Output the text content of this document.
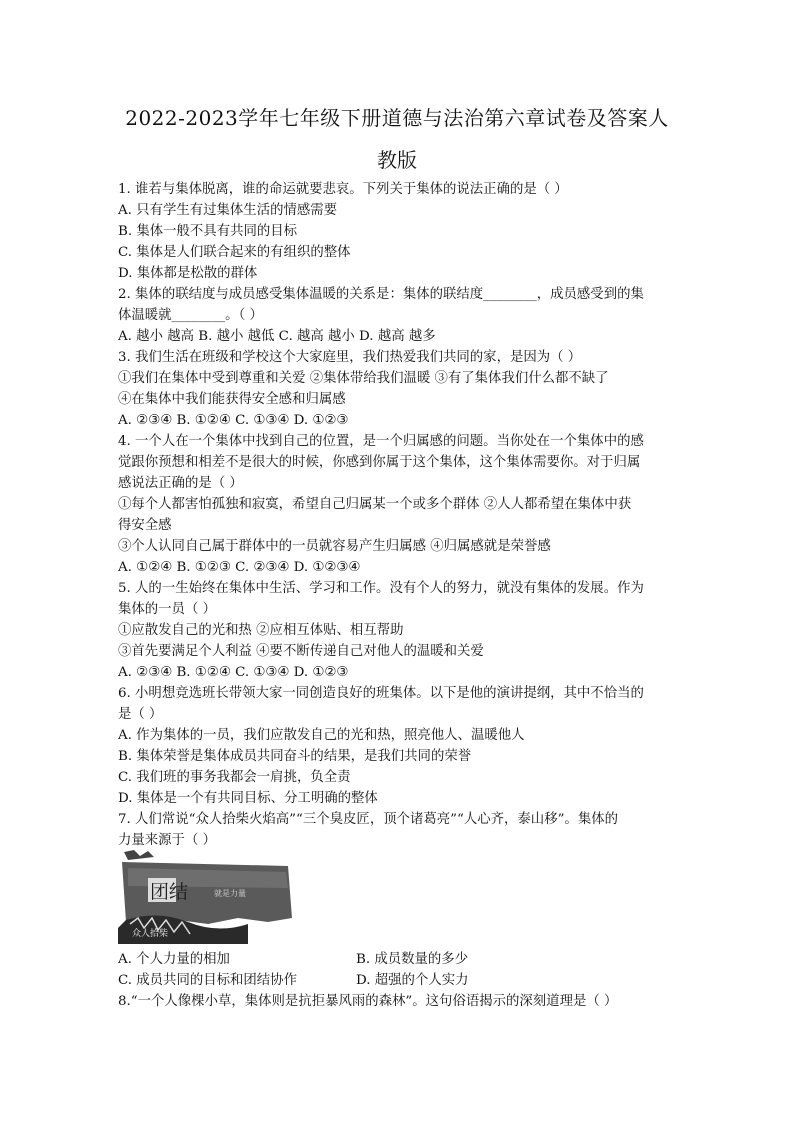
2022-2023学年七年级下册道德与法治第六章试卷及答案人
教版
1. 谁若与集体脱离，谁的命运就要悲哀。下列关于集体的说法正确的是（ ）
A. 只有学生有过集体生活的情感需要
B. 集体一般不具有共同的目标
C. 集体是人们联合起来的有组织的整体
D. 集体都是松散的群体
2. 集体的联结度与成员感受集体温暖的关系是：集体的联结度________，成员感受到的集
体温暖就________。（ ）
A. 越小 越高 B. 越小 越低 C. 越高 越小 D. 越高 越多
3. 我们生活在班级和学校这个大家庭里，我们热爱我们共同的家，是因为（ ）
①我们在集体中受到尊重和关爱 ②集体带给我们温暖 ③有了集体我们什么都不缺了
④在集体中我们能获得安全感和归属感
A. ②③④ B. ①②④ C. ①③④ D. ①②③
4. 一个人在一个集体中找到自己的位置，是一个归属感的问题。当你处在一个集体中的感
觉跟你预想和相差不是很大的时候，你感到你属于这个集体，这个集体需要你。对于归属
感说法正确的是（ ）
①每个人都害怕孤独和寂寞，希望自己归属某一个或多个群体 ②人人都希望在集体中获
得安全感
③个人认同自己属于群体中的一员就容易产生归属感 ④归属感就是荣誉感
A. ①②④ B. ①②③ C. ②③④ D. ①②③④
5. 人的一生始终在集体中生活、学习和工作。没有个人的努力，就没有集体的发展。作为
集体的一员（ ）
①应散发自己的光和热 ②应相互体贴、相互帮助
③首先要满足个人利益 ④要不断传递自己对他人的温暖和关爱
A. ②③④ B. ①②④ C. ①③④ D. ①②③
6. 小明想竞选班长带领大家一同创造良好的班集体。以下是他的演讲提纲，其中不恰当的
是（ ）
A. 作为集体的一员，我们应散发自己的光和热，照亮他人、温暖他人
B. 集体荣誉是集体成员共同奋斗的结果，是我们共同的荣誉
C. 我们班的事务我都会一肩挑，负全责
D. 集体是一个有共同目标、分工明确的整体
7. 人们常说“众人拾柴火焰高”“三个臭皮匠，顶个诸葛亮”“人心齐，泰山移”。集体的
力量来源于（ ）
团结	就是力量
众人拾柴
A. 个人力量的相加	B. 成员数量的多少
C. 成员共同的目标和团结协作	D. 超强的个人实力
8.“一个人像棵小草，集体则是抗拒暴风雨的森林”。这句俗语揭示的深刻道理是（ ）
